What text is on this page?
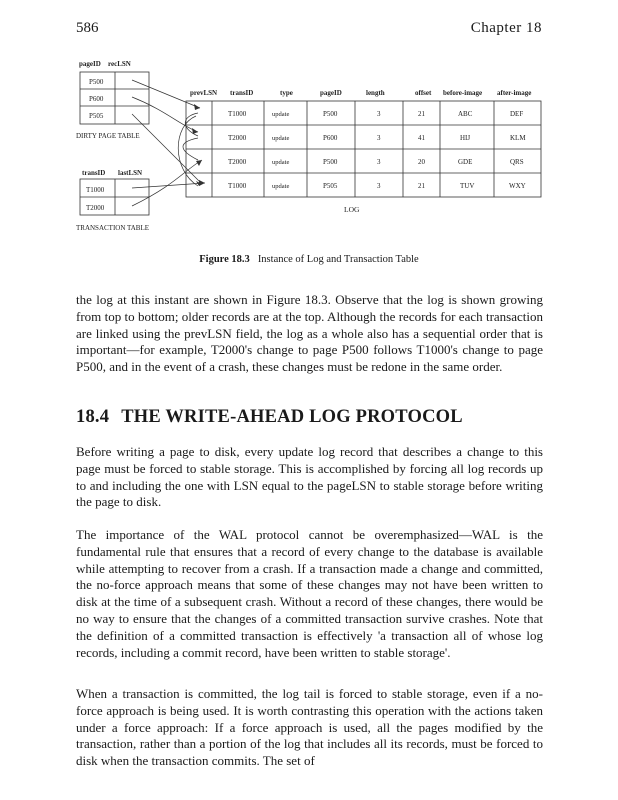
586	Chapter 18
pageID recLSN
P500
P600
P505
DIRTY PAGE TABLE
transID lastLSN
T1000
T2000
TRANSACTION TABLE
prevLSN transID	type	pageID	length	offset before-image after-image
T1000	update	P500	3	21	ABC	DEF
T2000	update	P600	3	41	HIJ	KLM
T2000	update	P500	3	20	GDE	QRS
T1000	update	P505	3	21	TUV	WXY
LOG
Figure 18.3 Instance of Log and Transaction Table

the log at this instant are shown in Figure 18.3. Observe that the log is shown growing from top to bottom; older records are at the top. Although the records for each transaction are linked using the prevLSN field, the log as a whole also has a sequential order that is important—for example, T2000's change to page P500 follows T1000's change to page P500, and in the event of a crash, these changes must be redone in the same order.

18.4 THE WRITE-AHEAD LOG PROTOCOL

Before writing a page to disk, every update log record that describes a change to this page must be forced to stable storage. This is accomplished by forcing all log records up to and including the one with LSN equal to the pageLSN to stable storage before writing the page to disk.

The importance of the WAL protocol cannot be overemphasized—WAL is the fundamental rule that ensures that a record of every change to the database is available while attempting to recover from a crash. If a transaction made a change and committed, the no-force approach means that some of these changes may not have been written to disk at the time of a subsequent crash. Without a record of these changes, there would be no way to ensure that the changes of a committed transaction survive crashes. Note that the definition of a committed transaction is effectively 'a transaction all of whose log records, including a commit record, have been written to stable storage'.

When a transaction is committed, the log tail is forced to stable storage, even if a no-force approach is being used. It is worth contrasting this operation with the actions taken under a force approach: If a force approach is used, all the pages modified by the transaction, rather than a portion of the log that includes all its records, must be forced to disk when the transaction commits. The set of
